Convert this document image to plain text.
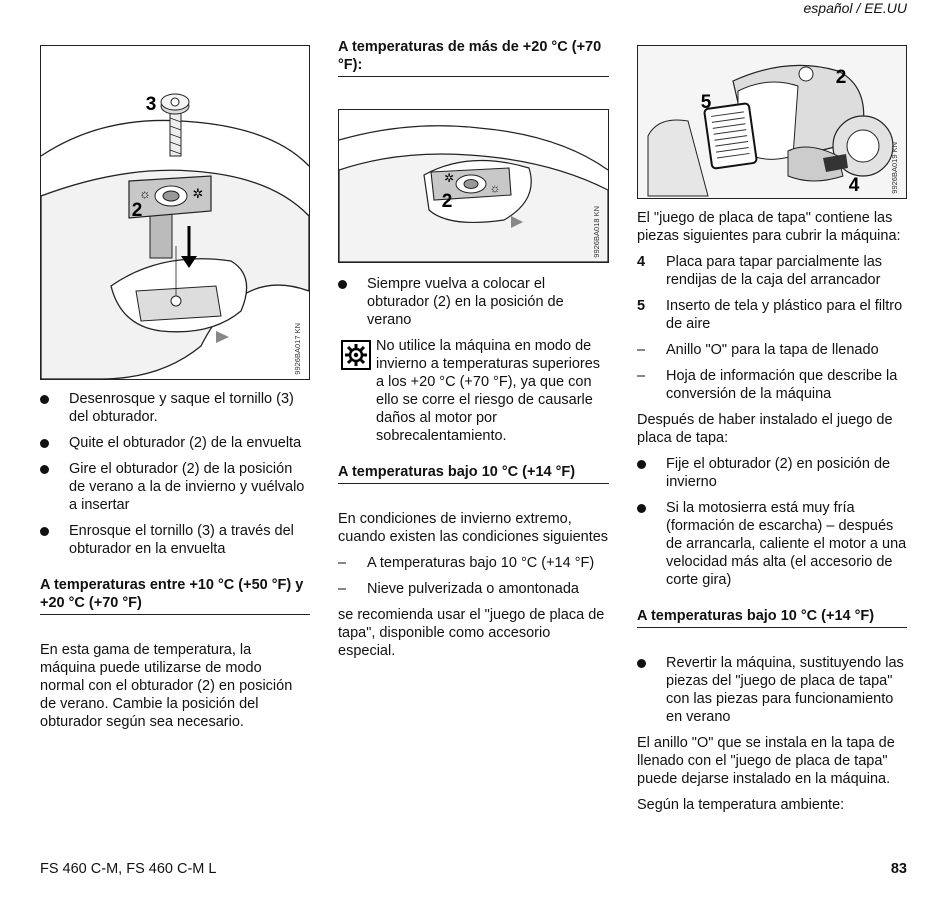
español / EE.UU
☼	✲
3
2
9926BA017 KN
Desenrosque y saque el tornillo (3) del obturador.
Quite el obturador (2) de la envuelta
Gire el obturador (2) de la posición de verano a la de invierno y vuélvalo a insertar
Enrosque el tornillo (3) a través del obturador en la envuelta
A temperaturas entre +10 °C (+50 °F) y +20 °C (+70 °F)

En esta gama de temperatura, la máquina puede utilizarse de modo normal con el obturador (2) en posición de verano. Cambie la posición del obturador según sea necesario.

A temperaturas de más de +20 °C (+70 °F):
✲
☼
2
9926BA018 KN
Siempre vuelva a colocar el obturador (2) en la posición de verano

No utilice la máquina en modo de invierno a temperaturas superiores a los +20 °C (+70 °F), ya que con ello se corre el riesgo de causarle daños al motor por sobrecalentamiento.

A temperaturas bajo 10 °C (+14 °F)

En condiciones de invierno extremo, cuando existen las condiciones siguientes

–	A temperaturas bajo 10 °C (+14 °F)
–	Nieve pulverizada o amontonada

se recomienda usar el "juego de placa de tapa", disponible como accesorio especial.

2
5
4	9926BA019 KN

El "juego de placa de tapa" contiene las piezas siguientes para cubrir la máquina:

4	Placa para tapar parcialmente las rendijas de la caja del arrancador
5	Inserto de tela y plástico para el filtro de aire
–	Anillo "O" para la tapa de llenado
–	Hoja de información que describe la conversión de la máquina

Después de haber instalado el juego de placa de tapa:

Fije el obturador (2) en posición de invierno
Si la motosierra está muy fría (formación de escarcha) – después de arrancarla, caliente el motor a una velocidad más alta (el accesorio de corte gira)
A temperaturas bajo 10 °C (+14 °F)
Revertir la máquina, sustituyendo las piezas del "juego de placa de tapa" con las piezas para funcionamiento en verano

El anillo "O" que se instala en la tapa de llenado con el "juego de placa de tapa" puede dejarse instalado en la máquina.

Según la temperatura ambiente:

FS 460 C-M, FS 460 C-M L	83
